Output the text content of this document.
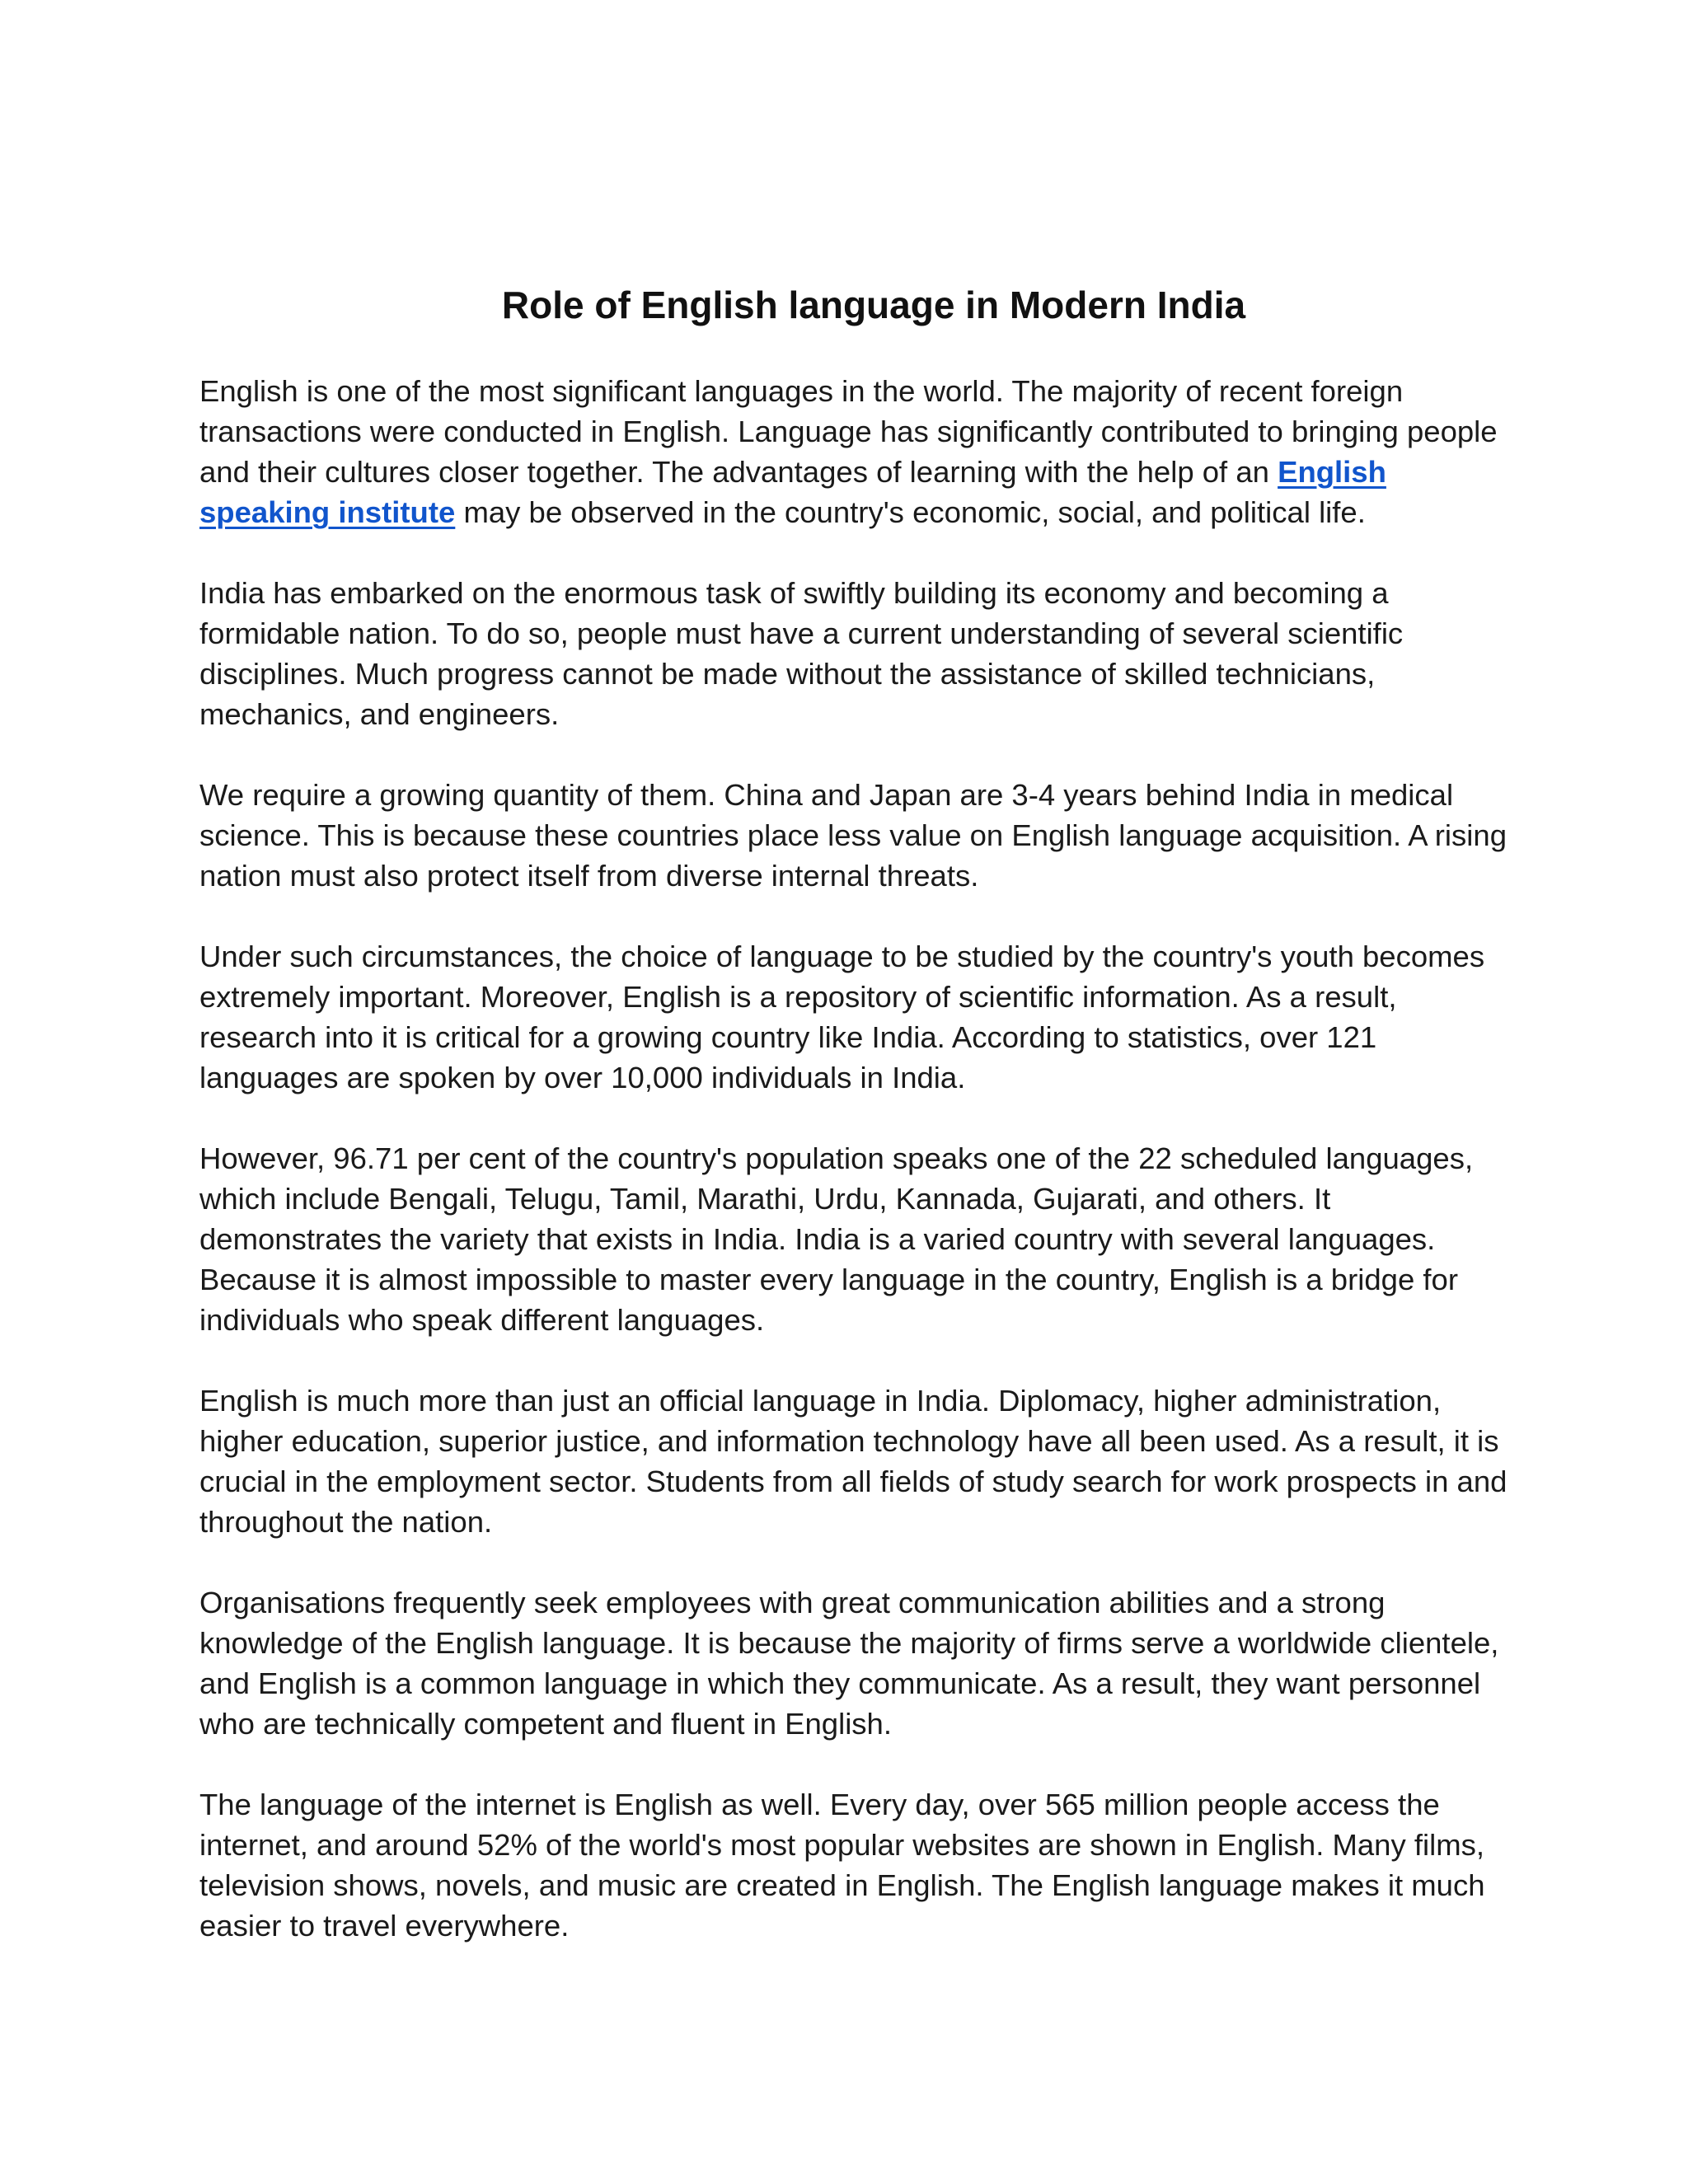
Role of English language in Modern India

English is one of the most significant languages in the world. The majority of recent foreign transactions were conducted in English. Language has significantly contributed to bringing people and their cultures closer together. The advantages of learning with the help of an English speaking institute may be observed in the country's economic, social, and political life.

India has embarked on the enormous task of swiftly building its economy and becoming a formidable nation. To do so, people must have a current understanding of several scientific disciplines. Much progress cannot be made without the assistance of skilled technicians, mechanics, and engineers.

We require a growing quantity of them. China and Japan are 3-4 years behind India in medical science. This is because these countries place less value on English language acquisition. A rising nation must also protect itself from diverse internal threats.

Under such circumstances, the choice of language to be studied by the country's youth becomes extremely important. Moreover, English is a repository of scientific information. As a result, research into it is critical for a growing country like India. According to statistics, over 121 languages are spoken by over 10,000 individuals in India.

However, 96.71 per cent of the country's population speaks one of the 22 scheduled languages, which include Bengali, Telugu, Tamil, Marathi, Urdu, Kannada, Gujarati, and others. It demonstrates the variety that exists in India. India is a varied country with several languages. Because it is almost impossible to master every language in the country, English is a bridge for individuals who speak different languages.

English is much more than just an official language in India. Diplomacy, higher administration, higher education, superior justice, and information technology have all been used. As a result, it is crucial in the employment sector. Students from all fields of study search for work prospects in and throughout the nation.

Organisations frequently seek employees with great communication abilities and a strong knowledge of the English language. It is because the majority of firms serve a worldwide clientele, and English is a common language in which they communicate. As a result, they want personnel who are technically competent and fluent in English.

The language of the internet is English as well. Every day, over 565 million people access the internet, and around 52% of the world's most popular websites are shown in English. Many films, television shows, novels, and music are created in English. The English language makes it much easier to travel everywhere.
